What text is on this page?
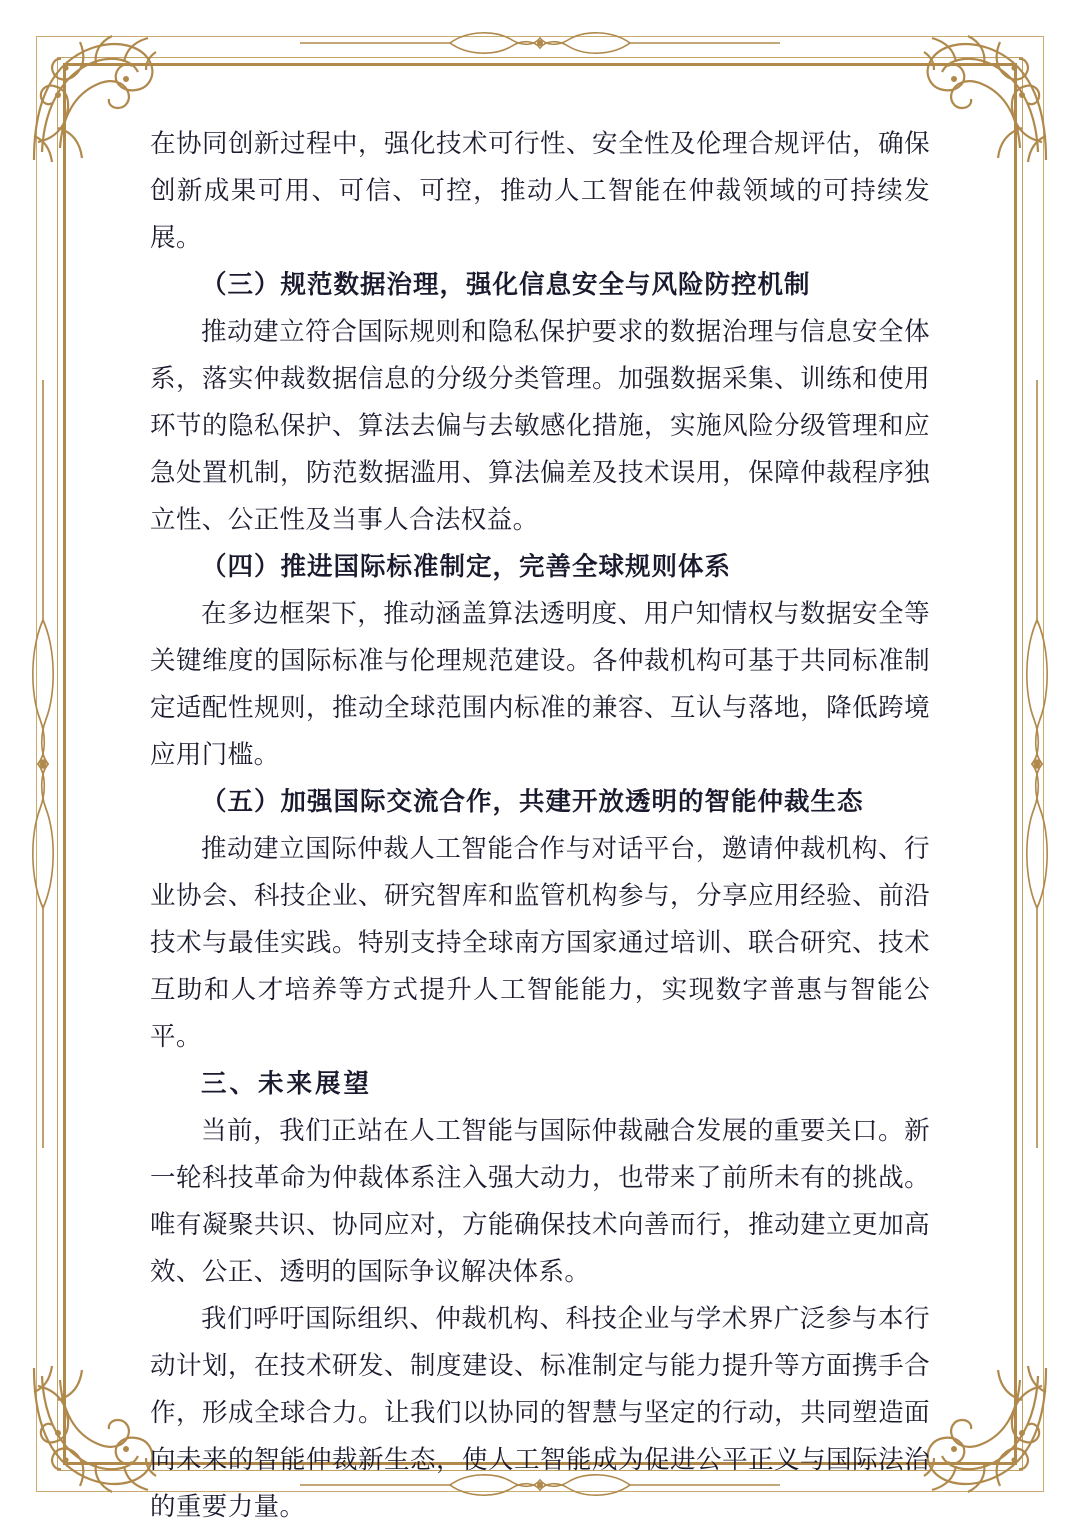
在协同创新过程中，强化技术可行性、安全性及伦理合规评估，确保创新成果可用、可信、可控，推动人工智能在仲裁领域的可持续发展。

（三）规范数据治理，强化信息安全与风险防控机制

推动建立符合国际规则和隐私保护要求的数据治理与信息安全体系，落实仲裁数据信息的分级分类管理。加强数据采集、训练和使用环节的隐私保护、算法去偏与去敏感化措施，实施风险分级管理和应急处置机制，防范数据滥用、算法偏差及技术误用，保障仲裁程序独立性、公正性及当事人合法权益。

（四）推进国际标准制定，完善全球规则体系

在多边框架下，推动涵盖算法透明度、用户知情权与数据安全等关键维度的国际标准与伦理规范建设。各仲裁机构可基于共同标准制定适配性规则，推动全球范围内标准的兼容、互认与落地，降低跨境应用门槛。

（五）加强国际交流合作，共建开放透明的智能仲裁生态

推动建立国际仲裁人工智能合作与对话平台，邀请仲裁机构、行业协会、科技企业、研究智库和监管机构参与，分享应用经验、前沿技术与最佳实践。特别支持全球南方国家通过培训、联合研究、技术互助和人才培养等方式提升人工智能能力，实现数字普惠与智能公平。

三、未来展望

当前，我们正站在人工智能与国际仲裁融合发展的重要关口。新一轮科技革命为仲裁体系注入强大动力，也带来了前所未有的挑战。唯有凝聚共识、协同应对，方能确保技术向善而行，推动建立更加高效、公正、透明的国际争议解决体系。

我们呼吁国际组织、仲裁机构、科技企业与学术界广泛参与本行动计划，在技术研发、制度建设、标准制定与能力提升等方面携手合作，形成全球合力。让我们以协同的智慧与坚定的行动，共同塑造面向未来的智能仲裁新生态，使人工智能成为促进公平正义与国际法治的重要力量。
